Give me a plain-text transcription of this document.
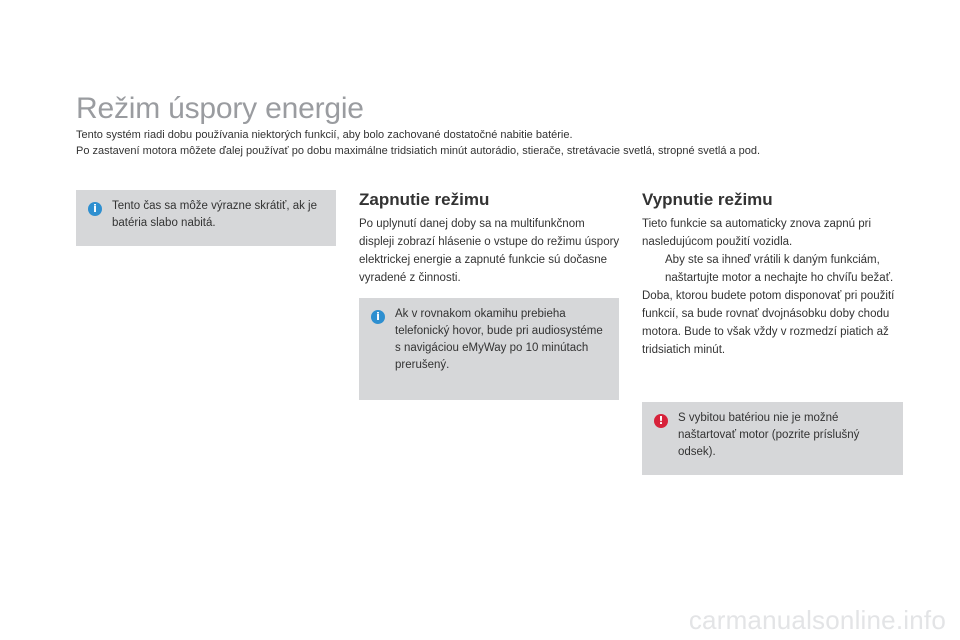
Režim úspory energie

Tento systém riadi dobu používania niektorých funkcií, aby bolo zachované dostatočné nabitie batérie.

Po zastavení motora môžete ďalej používať po dobu maximálne tridsiatich minút autorádio, stierače, stretávacie svetlá, stropné svetlá a pod.

i	Tento čas sa môže výrazne skrátiť, ak je batéria slabo nabitá.
Zapnutie režimu
Po uplynutí danej doby sa na multifunkčnom displeji zobrazí hlásenie o vstupe do režimu úspory elektrickej energie a zapnuté funkcie sú dočasne vyradené z činnosti.
i	Ak v rovnakom okamihu prebieha telefonický hovor, bude pri audiosystéme s navigáciou eMyWay po 10 minútach prerušený.
Vypnutie režimu

Tieto funkcie sa automaticky znova zapnú pri nasledujúcom použití vozidla.

Aby ste sa ihneď vrátili k daným funkciám, naštartujte motor a nechajte ho chvíľu bežať.

Doba, ktorou budete potom disponovať pri použití funkcií, sa bude rovnať dvojnásobku doby chodu motora. Bude to však vždy v rozmedzí piatich až tridsiatich minút.

!	S vybitou batériou nie je možné naštartovať motor (pozrite príslušný odsek).
carmanualsonline.info
